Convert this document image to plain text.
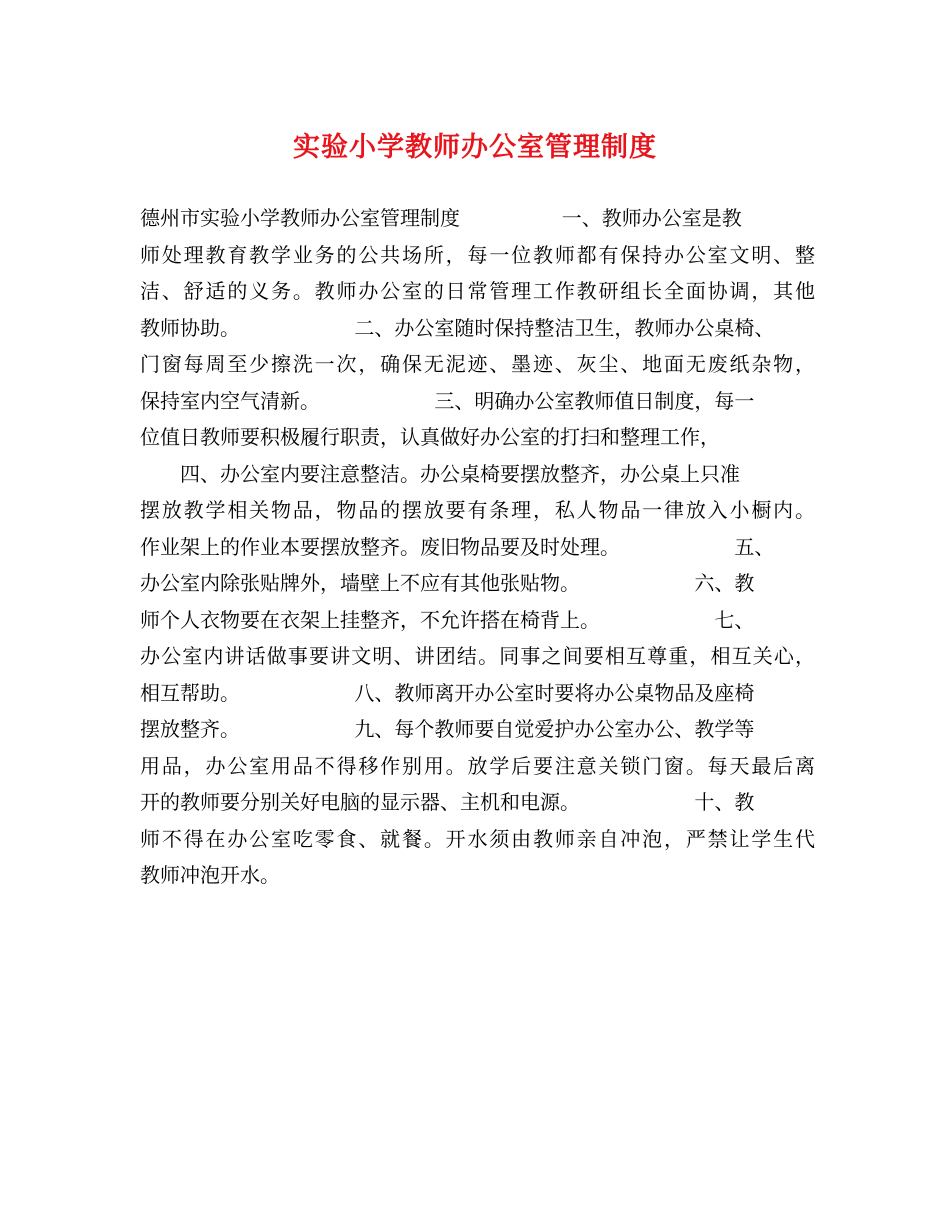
实验小学教师办公室管理制度
德州市实验小学教师办公室管理制度                一、教师办公室是教
师处理教育教学业务的公共场所，每一位教师都有保持办公室文明、整
洁、舒适的义务。教师办公室的日常管理工作教研组长全面协调，其他
教师协助。                  二、办公室随时保持整洁卫生，教师办公桌椅、
门窗每周至少擦洗一次，确保无泥迹、墨迹、灰尘、地面无废纸杂物，
保持室内空气清新。                  三、明确办公室教师值日制度，每一
位值日教师要积极履行职责，认真做好办公室的打扫和整理工作，
四、办公室内要注意整洁。办公桌椅要摆放整齐，办公桌上只准
摆放教学相关物品，物品的摆放要有条理，私人物品一律放入小橱内。
作业架上的作业本要摆放整齐。废旧物品要及时处理。                  五、
办公室内除张贴牌外，墙壁上不应有其他张贴物。                  六、教
师个人衣物要在衣架上挂整齐，不允许搭在椅背上。                  七、
办公室内讲话做事要讲文明、讲团结。同事之间要相互尊重，相互关心，
相互帮助。                  八、教师离开办公室时要将办公桌物品及座椅
摆放整齐。                  九、每个教师要自觉爱护办公室办公、教学等
用品，办公室用品不得移作别用。放学后要注意关锁门窗。每天最后离
开的教师要分别关好电脑的显示器、主机和电源。                  十、教
师不得在办公室吃零食、就餐。开水须由教师亲自冲泡，严禁让学生代
教师冲泡开水。
